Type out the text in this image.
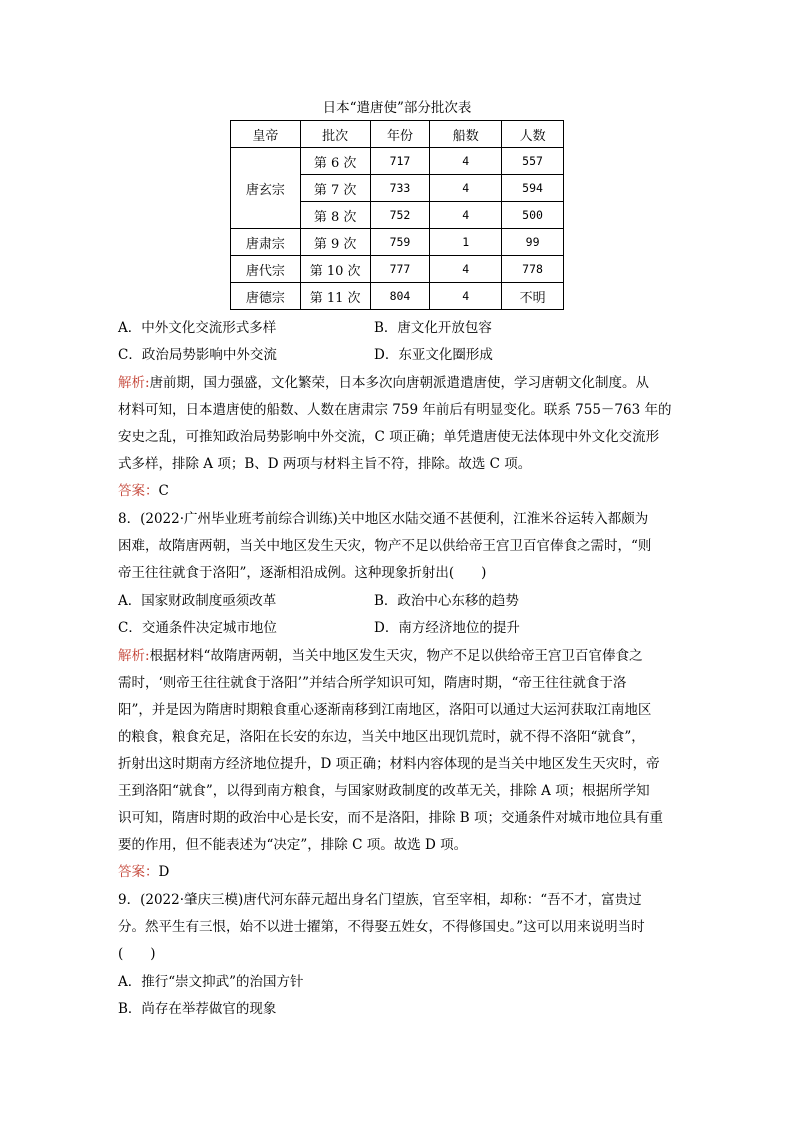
日本“遣唐使”部分批次表
皇帝	批次	年份	船数	人数
唐玄宗	第 6 次	717	4	557
	第 7 次	733	4	594
	第 8 次	752	4	500
唐肃宗	第 9 次	759	1	99
唐代宗	第 10 次	777	4	778
唐德宗	第 11 次	804	4	不明
A．中外文化交流形式多样	B．唐文化开放包容
C．政治局势影响中外交流	D．东亚文化圈形成
解析:唐前期，国力强盛，文化繁荣，日本多次向唐朝派遣遣唐使，学习唐朝文化制度。从
材料可知，日本遣唐使的船数、人数在唐肃宗 759 年前后有明显变化。联系 755－763 年的
安史之乱，可推知政治局势影响中外交流，C 项正确；单凭遣唐使无法体现中外文化交流形
式多样，排除 A 项；B、D 两项与材料主旨不符，排除。故选 C 项。
答案：C
8．(2022·广州毕业班考前综合训练)关中地区水陆交通不甚便利，江淮米谷运转入都颇为
困难，故隋唐两朝，当关中地区发生天灾，物产不足以供给帝王宫卫百官俸食之需时，“则
帝王往往就食于洛阳”，逐渐相沿成例。这种现象折射出(　　)
A．国家财政制度亟须改革	B．政治中心东移的趋势
C．交通条件决定城市地位	D．南方经济地位的提升
解析:根据材料“故隋唐两朝，当关中地区发生天灾，物产不足以供给帝王宫卫百官俸食之
需时，‘则帝王往往就食于洛阳’”并结合所学知识可知，隋唐时期，“帝王往往就食于洛
阳”，并是因为隋唐时期粮食重心逐渐南移到江南地区，洛阳可以通过大运河获取江南地区
的粮食，粮食充足，洛阳在长安的东边，当关中地区出现饥荒时，就不得不洛阳“就食”，
折射出这时期南方经济地位提升，D 项正确；材料内容体现的是当关中地区发生天灾时，帝
王到洛阳“就食”，以得到南方粮食，与国家财政制度的改革无关，排除 A 项；根据所学知
识可知，隋唐时期的政治中心是长安，而不是洛阳，排除 B 项；交通条件对城市地位具有重
要的作用，但不能表述为“决定”，排除 C 项。故选 D 项。
答案：D
9．(2022·肇庆三模)唐代河东薛元超出身名门望族，官至宰相，却称：“吾不才，富贵过
分。然平生有三恨，始不以进士擢第，不得娶五姓女，不得修国史。”这可以用来说明当时
(　　)
A．推行“崇文抑武”的治国方针
B．尚存在举荐做官的现象
